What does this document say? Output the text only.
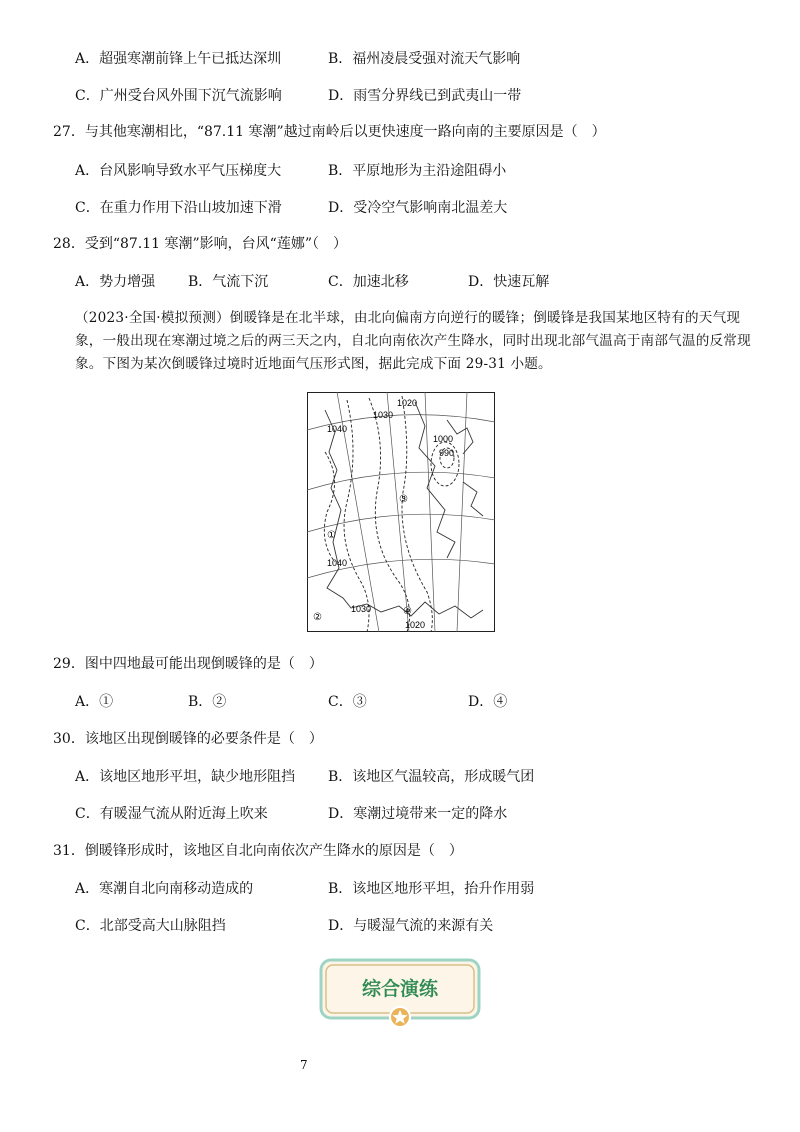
A．超强寒潮前锋上午已抵达深圳	B．福州凌晨受强对流天气影响
C．广州受台风外围下沉气流影响	D．雨雪分界线已到武夷山一带
27．与其他寒潮相比，“87.11 寒潮”越过南岭后以更快速度一路向南的主要原因是（　）
A．台风影响导致水平气压梯度大	B．平原地形为主沿途阻碍小
C．在重力作用下沿山坡加速下滑	D．受冷空气影响南北温差大
28．受到“87.11 寒潮”影响，台风“莲娜”（　）
A．势力增强 B．气流下沉	C．加速北移	D．快速瓦解
（2023·全国·模拟预测）倒暖锋是在北半球，由北向偏南方向逆行的暖锋；倒暖锋是我国某地区特有的天气现
象，一般出现在寒潮过境之后的两三天之内，自北向南依次产生降水，同时出现北部气温高于南部气温的反常现
象。下图为某次倒暖锋过境时近地面气压形式图，据此完成下面 29-31 小题。
1030
1020
1040
1000
990
1040
1030
1020
①
②
③
④
29．图中四地最可能出现倒暖锋的是（　）
A．①	B．②	C．③	D．④
30．该地区出现倒暖锋的必要条件是（　）
A．该地区地形平坦，缺少地形阻挡 B．该地区气温较高，形成暖气团
C．有暖湿气流从附近海上吹来	D．寒潮过境带来一定的降水
31．倒暖锋形成时，该地区自北向南依次产生降水的原因是（　）
A．寒潮自北向南移动造成的	B．该地区地形平坦，抬升作用弱
C．北部受高大山脉阻挡	D．与暖湿气流的来源有关
综合演练
7
